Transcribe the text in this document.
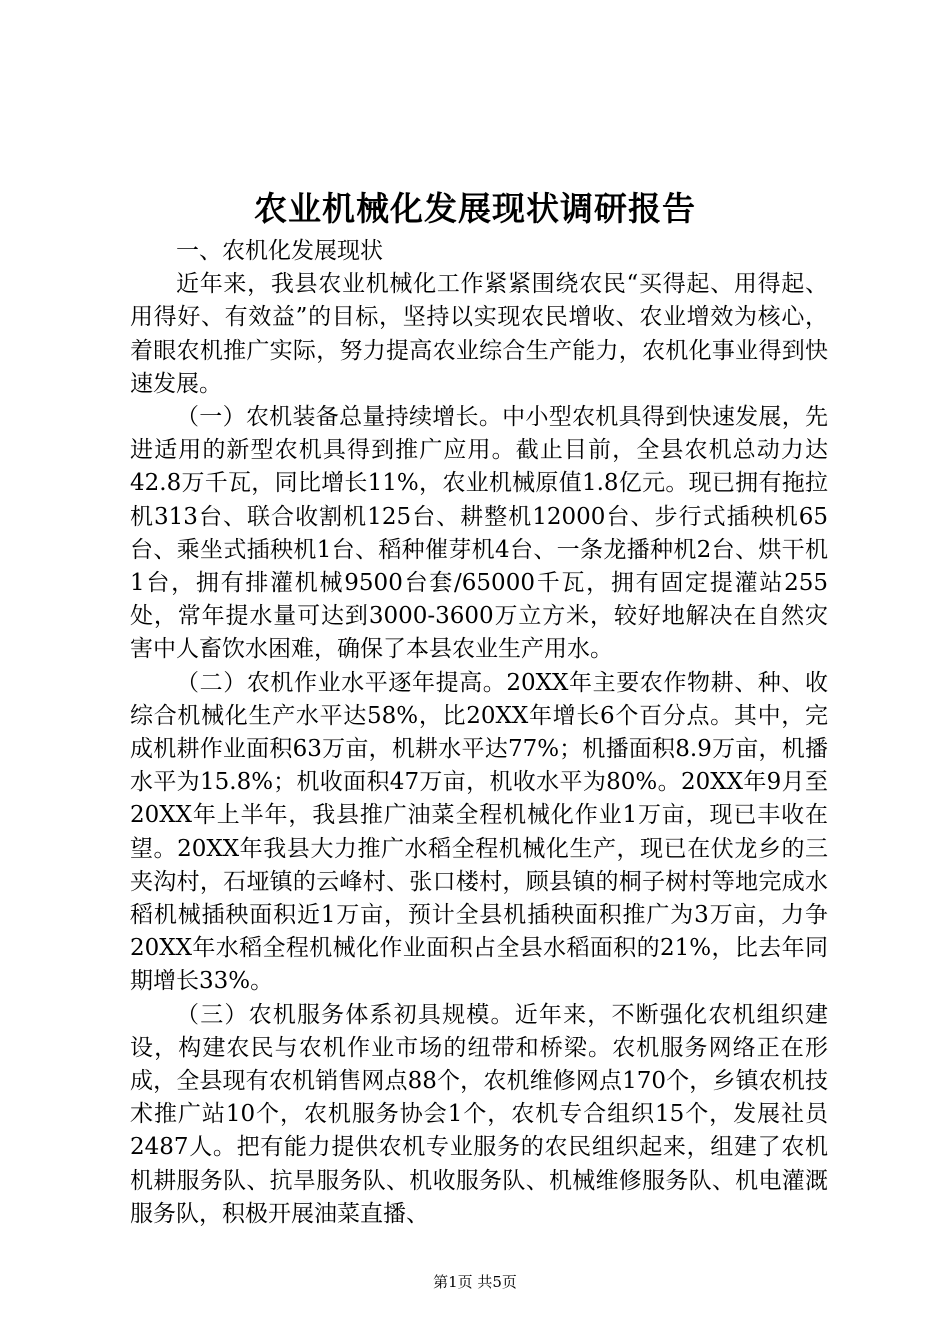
农业机械化发展现状调研报告

一、农机化发展现状

近年来，我县农业机械化工作紧紧围绕农民“买得起、用得起、用得好、有效益”的目标，坚持以实现农民增收、农业增效为核心，着眼农机推广实际，努力提高农业综合生产能力，农机化事业得到快速发展。

（一）农机装备总量持续增长。中小型农机具得到快速发展，先进适用的新型农机具得到推广应用。截止目前，全县农机总动力达42.8万千瓦，同比增长11%，农业机械原值1.8亿元。现已拥有拖拉机313台、联合收割机125台、耕整机12000台、步行式插秧机65台、乘坐式插秧机1台、稻种催芽机4台、一条龙播种机2台、烘干机1台，拥有排灌机械9500台套/65000千瓦，拥有固定提灌站255处，常年提水量可达到3000-3600万立方米，较好地解决在自然灾害中人畜饮水困难，确保了本县农业生产用水。

（二）农机作业水平逐年提高。20XX年主要农作物耕、种、收综合机械化生产水平达58%，比20XX年增长6个百分点。其中，完成机耕作业面积63万亩，机耕水平达77%；机播面积8.9万亩，机播水平为15.8%；机收面积47万亩，机收水平为80%。20XX年9月至20XX年上半年，我县推广油菜全程机械化作业1万亩，现已丰收在望。20XX年我县大力推广水稻全程机械化生产，现已在伏龙乡的三夹沟村，石垭镇的云峰村、张口楼村，顾县镇的桐子树村等地完成水稻机械插秧面积近1万亩，预计全县机插秧面积推广为3万亩，力争20XX年水稻全程机械化作业面积占全县水稻面积的21%，比去年同期增长33%。

（三）农机服务体系初具规模。近年来，不断强化农机组织建设，构建农民与农机作业市场的纽带和桥梁。农机服务网络正在形成，全县现有农机销售网点88个，农机维修网点170个，乡镇农机技术推广站10个，农机服务协会1个，农机专合组织15个，发展社员2487人。把有能力提供农机专业服务的农民组织起来，组建了农机机耕服务队、抗旱服务队、机收服务队、机械维修服务队、机电灌溉服务队，积极开展油菜直播、

第1页 共5页
